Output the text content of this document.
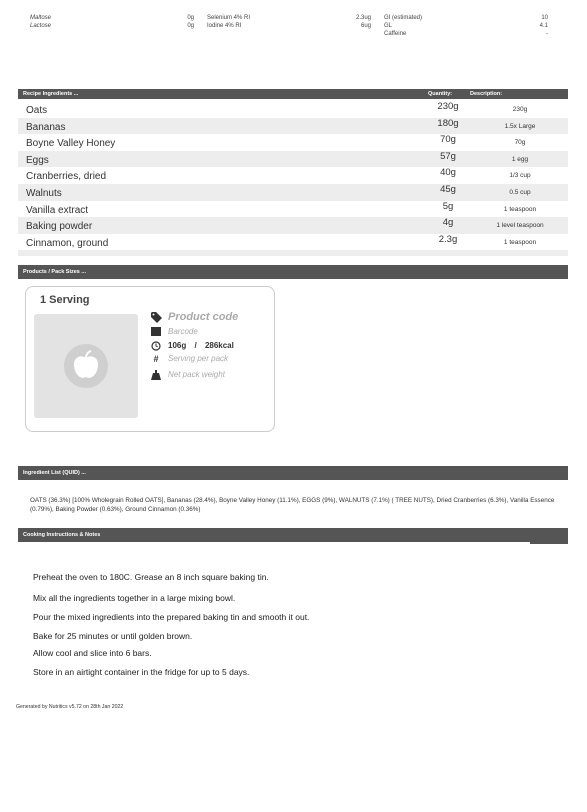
Maltose	0g
Lactose	0g
Selenium 4% RI	2.3ug
Iodine 4% RI	6ug
GI (estimated)	10
GL	4.1
Caffeine	-
Recipe Ingredients ...	Quantity:	Description:
Oats	230g	230g
Bananas	180g	1.5x Large
Boyne Valley Honey	70g	70g
Eggs	57g	1 egg
Cranberries, dried	40g	1/3 cup
Walnuts	45g	0.5 cup
Vanilla extract	5g	1 teaspoon
Baking powder	4g	1 level teaspoon
Cinnamon, ground	2.3g	1 teaspoon
Products / Pack Sizes ...
1 Serving
Product code
Barcode
106g / 286kcal
#	Serving per pack
Net pack weight
Ingredient List (QUID) ...
OATS (36.3%) [100% Wholegrain Rolled OATS], Bananas (28.4%), Boyne Valley Honey (11.1%), EGGS (9%), WALNUTS (7.1%) ( TREE NUTS), Dried Cranberries (6.3%), Vanilla Essence
(0.79%), Baking Powder (0.63%), Ground Cinnamon (0.36%)
Cooking Instructions & Notes
Preheat the oven to 180C. Grease an 8 inch square baking tin.
Mix all the ingredients together in a large mixing bowl.
Pour the mixed ingredients into the prepared baking tin and smooth it out.
Bake for 25 minutes or until golden brown.
Allow cool and slice into 6 bars.
Store in an airtight container in the fridge for up to 5 days.
Generated by Nutritics v5.72 on 28th Jan 2022
